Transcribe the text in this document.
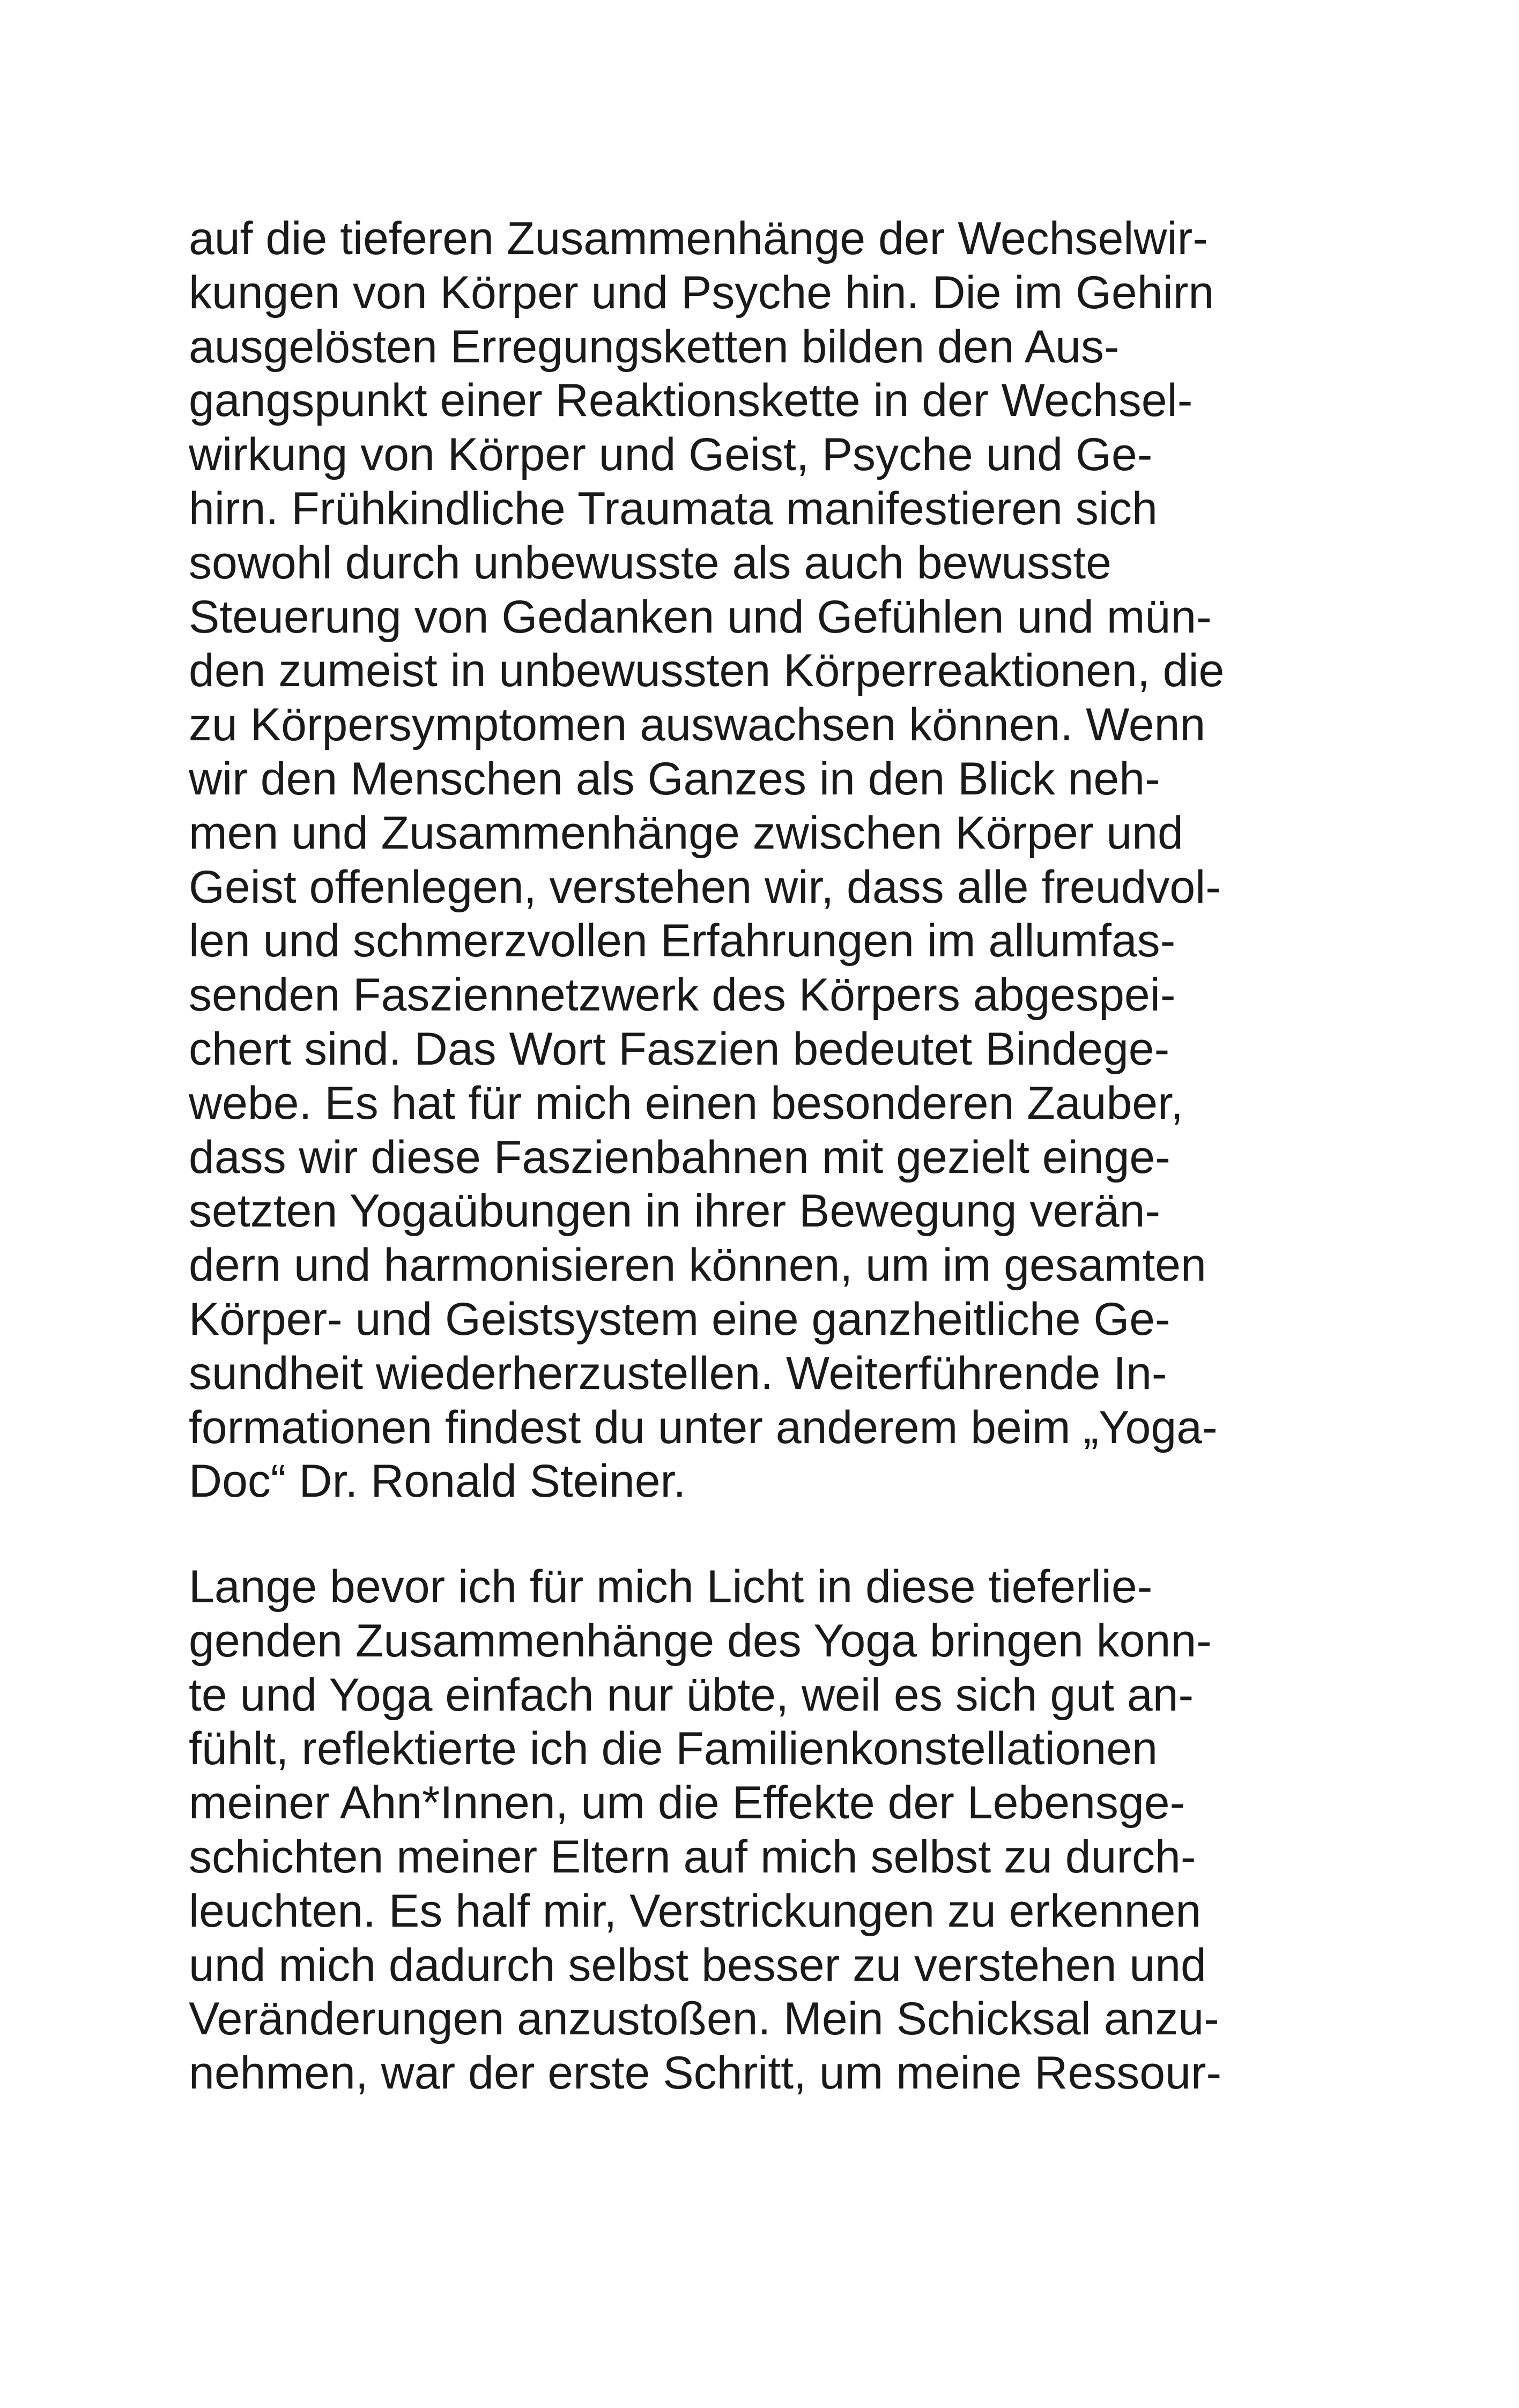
auf die tieferen Zusammenhänge der Wechselwir-
kungen von Körper und Psyche hin. Die im Gehirn
ausgelösten Erregungsketten bilden den Aus-
gangspunkt einer Reaktionskette in der Wechsel-
wirkung von Körper und Geist, Psyche und Ge-
hirn. Frühkindliche Traumata manifestieren sich
sowohl durch unbewusste als auch bewusste
Steuerung von Gedanken und Gefühlen und mün-
den zumeist in unbewussten Körperreaktionen, die
zu Körpersymptomen auswachsen können. Wenn
wir den Menschen als Ganzes in den Blick neh-
men und Zusammenhänge zwischen Körper und
Geist offenlegen, verstehen wir, dass alle freudvol-
len und schmerzvollen Erfahrungen im allumfas-
senden Fasziennetzwerk des Körpers abgespei-
chert sind. Das Wort Faszien bedeutet Bindege-
webe. Es hat für mich einen besonderen Zauber,
dass wir diese Faszienbahnen mit gezielt einge-
setzten Yogaübungen in ihrer Bewegung verän-
dern und harmonisieren können, um im gesamten
Körper- und Geistsystem eine ganzheitliche Ge-
sundheit wiederherzustellen. Weiterführende In-
formationen findest du unter anderem beim „Yoga-
Doc“ Dr. Ronald Steiner.
Lange bevor ich für mich Licht in diese tieferlie-
genden Zusammenhänge des Yoga bringen konn-
te und Yoga einfach nur übte, weil es sich gut an-
fühlt, reflektierte ich die Familienkonstellationen
meiner Ahn*Innen, um die Effekte der Lebensge-
schichten meiner Eltern auf mich selbst zu durch-
leuchten. Es half mir, Verstrickungen zu erkennen
und mich dadurch selbst besser zu verstehen und
Veränderungen anzustoßen. Mein Schicksal anzu-
nehmen, war der erste Schritt, um meine Ressour-
